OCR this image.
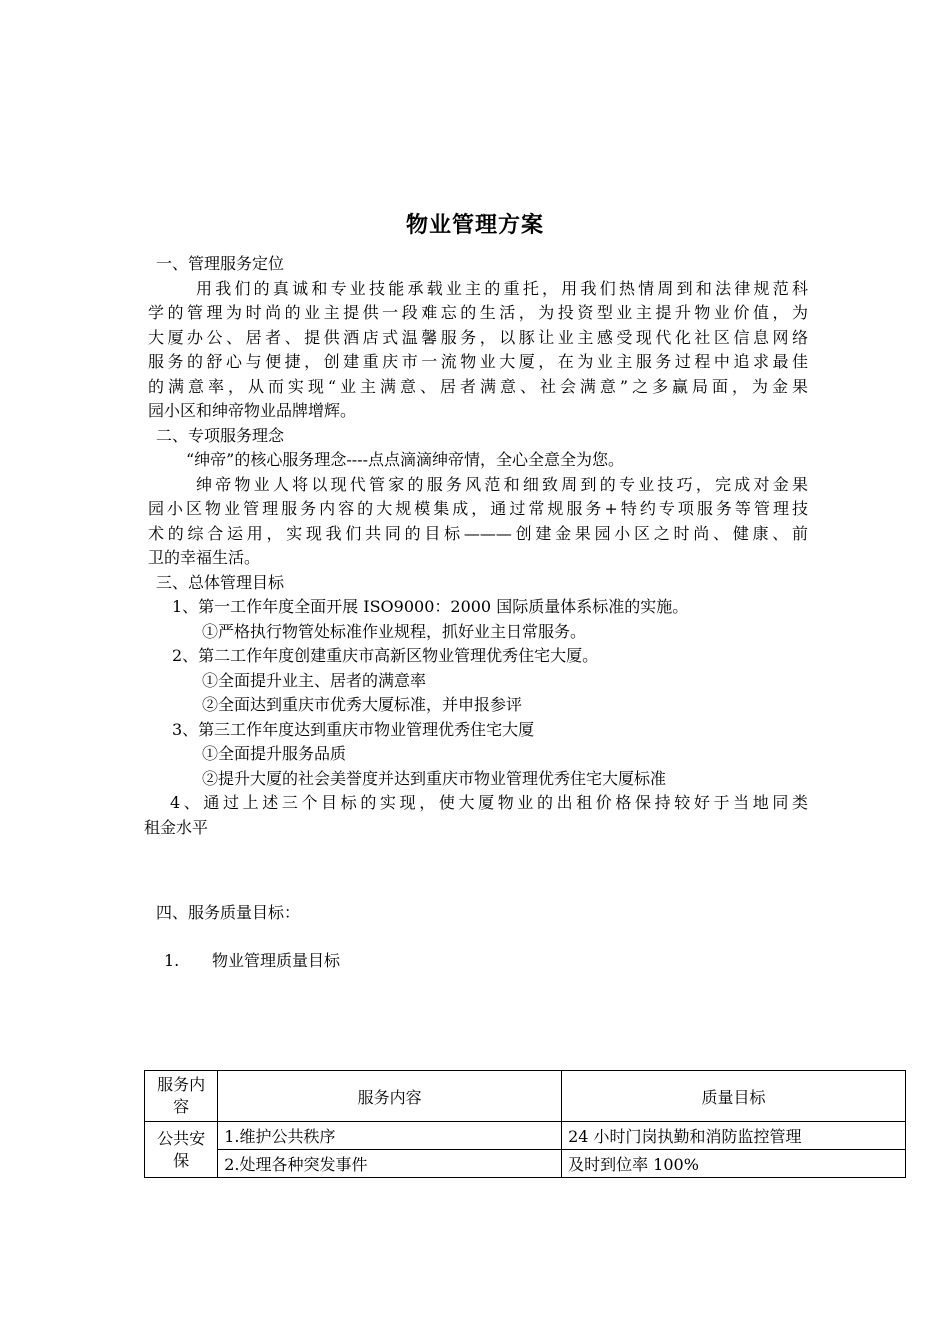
物业管理方案
一、管理服务定位
用我们的真诚和专业技能承载业主的重托，用我们热情周到和法律规范科
学的管理为时尚的业主提供一段难忘的生活，为投资型业主提升物业价值，为
大厦办公、居者、提供酒店式温馨服务，以豚让业主感受现代化社区信息网络
服务的舒心与便捷，创建重庆市一流物业大厦，在为业主服务过程中追求最佳
的满意率，从而实现“业主满意、居者满意、社会满意”之多赢局面，为金果
园小区和绅帝物业品牌增辉。
二、专项服务理念
“绅帝”的核心服务理念----点点滴滴绅帝情，全心全意全为您。
绅帝物业人将以现代管家的服务风范和细致周到的专业技巧，完成对金果
园小区物业管理服务内容的大规模集成，通过常规服务+特约专项服务等管理技
术的综合运用，实现我们共同的目标———创建金果园小区之时尚、健康、前
卫的幸福生活。
三、总体管理目标
1、第一工作年度全面开展 ISO9000：2000 国际质量体系标准的实施。
①严格执行物管处标准作业规程，抓好业主日常服务。
2、第二工作年度创建重庆市高新区物业管理优秀住宅大厦。
①全面提升业主、居者的满意率
②全面达到重庆市优秀大厦标准，并申报参评
3、第三工作年度达到重庆市物业管理优秀住宅大厦
①全面提升服务品质
②提升大厦的社会美誉度并达到重庆市物业管理优秀住宅大厦标准
4、通过上述三个目标的实现，使大厦物业的出租价格保持较好于当地同类
租金水平
四、服务质量目标：
1. 物业管理质量目标
服务内容	服务内容	质量目标
公共安保	1.维护公共秩序	24 小时门岗执勤和消防监控管理
	2.处理各种突发事件	及时到位率 100%
